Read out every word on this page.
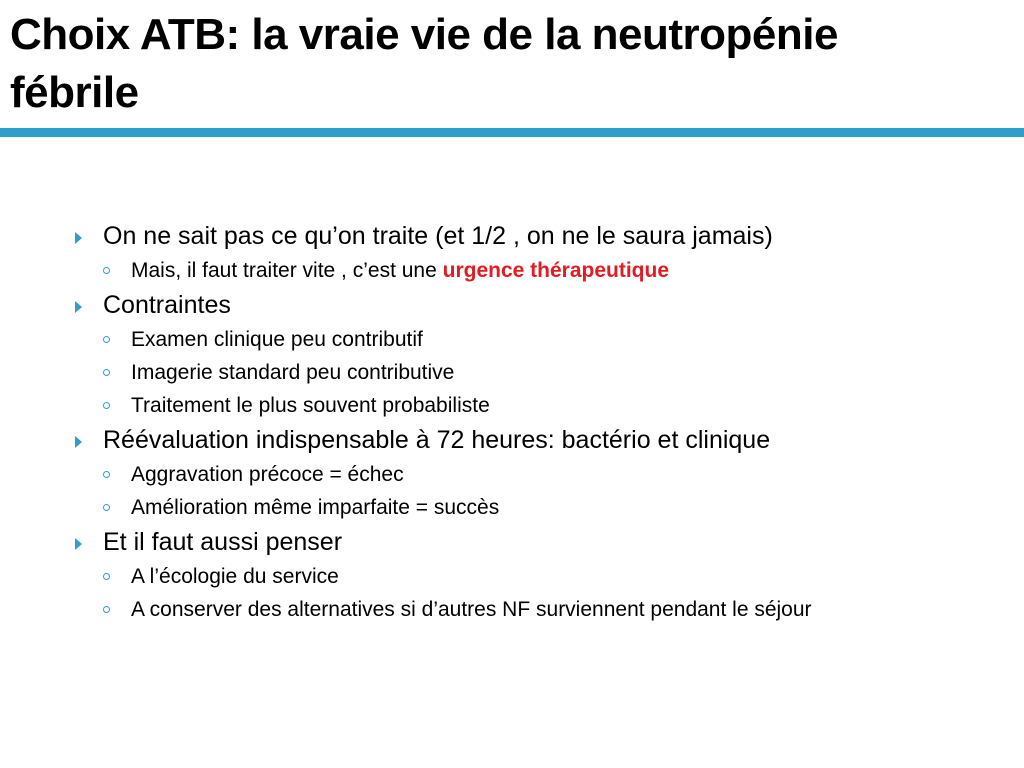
Choix ATB: la vraie vie de la neutropénie
fébrile
On ne sait pas ce qu’on traite (et 1/2 , on ne le saura jamais)
Mais, il faut traiter vite , c’est une urgence thérapeutique
Contraintes
Examen clinique peu contributif
Imagerie standard peu contributive
Traitement le plus souvent probabiliste
Réévaluation indispensable à 72 heures: bactério et clinique
Aggravation précoce = échec
Amélioration même imparfaite = succès
Et il faut aussi penser
A l’écologie du service
A conserver des alternatives si d’autres NF surviennent pendant le séjour
